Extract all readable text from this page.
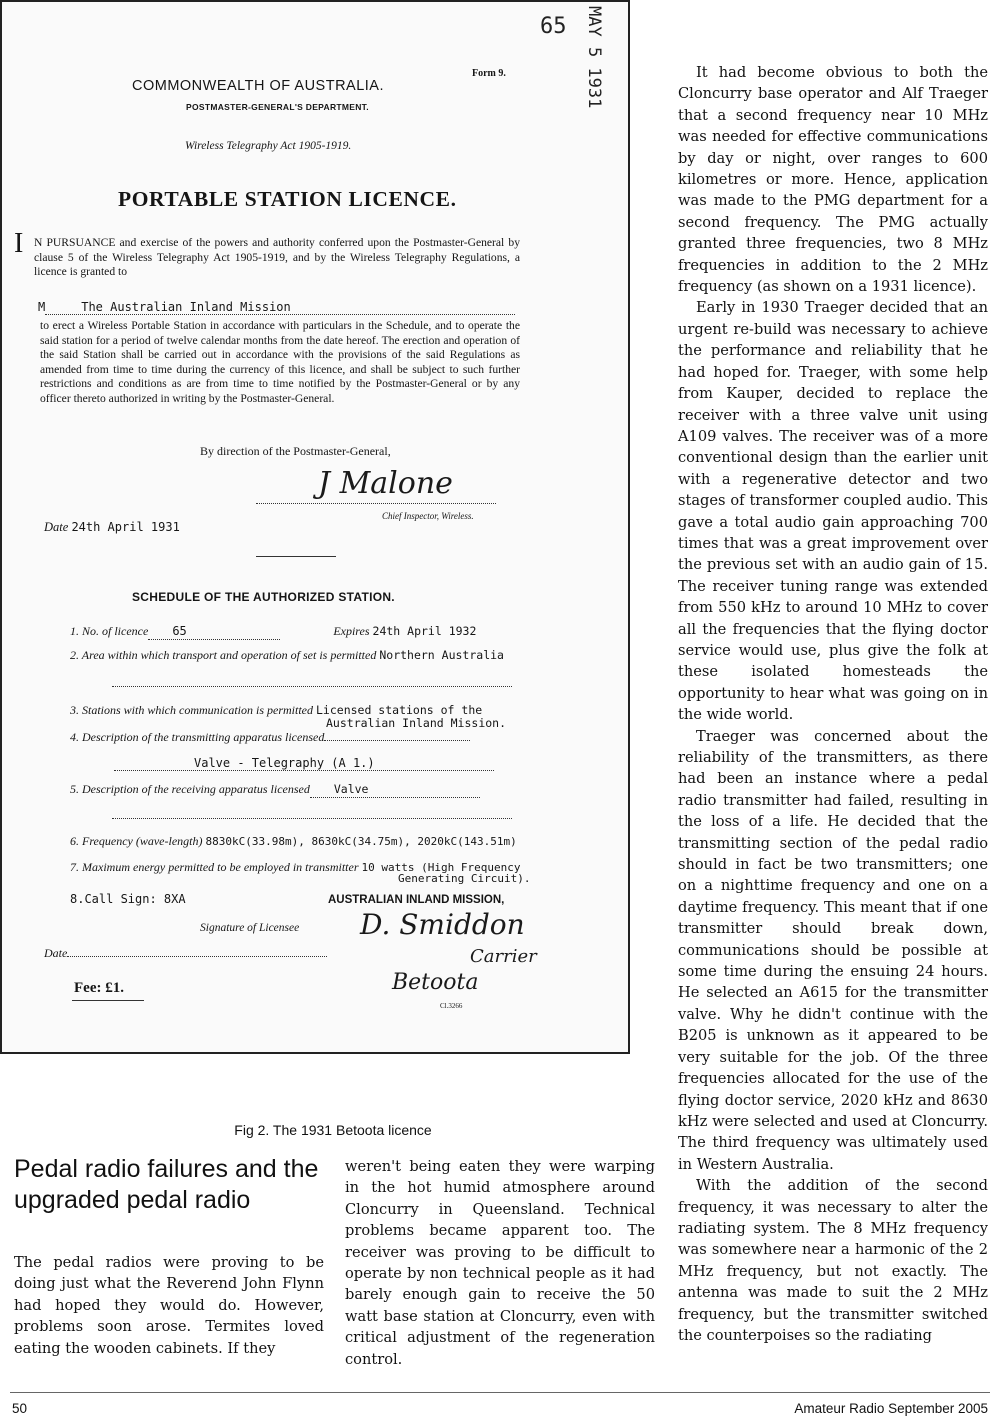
65 MAY 5 1931
Form 9.
COMMONWEALTH OF AUSTRALIA.
POSTMASTER-GENERAL'S DEPARTMENT.
Wireless Telegraphy Act 1905-1919.
PORTABLE STATION LICENCE.
I N PURSUANCE and exercise of the powers and authority conferred upon the Postmaster-General by clause 5 of the Wireless Telegraphy Act 1905-1919, and by the Wireless Telegraphy Regulations, a licence is granted to
M	The Australian Inland Mission
to erect a Wireless Portable Station in accordance with particulars in the Schedule, and to operate the said station for a period of twelve calendar months from the date hereof. The erection and operation of the said Station shall be carried out in accordance with the provisions of the said Regulations as amended from time to time during the currency of this licence, and shall be subject to such further restrictions and conditions as are from time to time notified by the Postmaster-General or by any officer thereto authorized in writing by the Postmaster-General.
By direction of the Postmaster-General,
J Malone
Chief Inspector, Wireless.
Date 24th April 1931
SCHEDULE OF THE AUTHORIZED STATION.
1. No. of licence 65	Expires 24th April 1932
2. Area within which transport and operation of set is permitted Northern Australia
3. Stations with which communication is permitted Licensed stations of the
Australian Inland Mission.
4. Description of the transmitting apparatus licensed
Valve - Telegraphy (A 1.)
5. Description of the receiving apparatus licensed Valve
6. Frequency (wave-length) 8830kC(33.98m), 8630kC(34.75m), 2020kC(143.51m)
7. Maximum energy permitted to be employed in transmitter 10 watts (High Frequency
Generating Circuit).
8.Call Sign: 8XA	AUSTRALIAN INLAND MISSION,
Signature of Licensee D. Smiddon
Carrier
Date
Fee: £1.	Betoota
Cl.3266
Fig 2. The 1931 Betoota licence
Pedal radio failures and the upgraded pedal radio

The pedal radios were proving to be doing just what the Reverend John Flynn had hoped they would do. However, problems soon arose. Termites loved eating the wooden cabinets. If they

weren't being eaten they were warping in the hot humid atmosphere around Cloncurry in Queensland. Technical problems became apparent too. The receiver was proving to be difficult to operate by non technical people as it had barely enough gain to receive the 50 watt base station at Cloncurry, even with critical adjustment of the regeneration control.

It had become obvious to both the Cloncurry base operator and Alf Traeger that a second frequency near 10 MHz was needed for effective communications by day or night, over ranges to 600 kilometres or more. Hence, application was made to the PMG department for a second frequency. The PMG actually granted three frequencies, two 8 MHz frequencies in addition to the 2 MHz frequency (as shown on a 1931 licence).

Early in 1930 Traeger decided that an urgent re-build was necessary to achieve the performance and reliability that he had hoped for. Traeger, with some help from Kauper, decided to replace the receiver with a three valve unit using A109 valves. The receiver was of a more conventional design than the earlier unit with a regenerative detector and two stages of transformer coupled audio. This gave a total audio gain approaching 700 times that was a great improvement over the previous set with an audio gain of 15. The receiver tuning range was extended from 550 kHz to around 10 MHz to cover all the frequencies that the flying doctor service would use, plus give the folk at these isolated homesteads the opportunity to hear what was going on in the wide world.

Traeger was concerned about the reliability of the transmitters, as there had been an instance where a pedal radio transmitter had failed, resulting in the loss of a life. He decided that the transmitting section of the pedal radio should in fact be two transmitters; one on a nighttime frequency and one on a daytime frequency. This meant that if one transmitter should break down, communications should be possible at some time during the ensuing 24 hours. He selected an A615 for the transmitter valve. Why he didn't continue with the B205 is unknown as it appeared to be very suitable for the job. Of the three frequencies allocated for the use of the flying doctor service, 2020 kHz and 8630 kHz were selected and used at Cloncurry. The third frequency was ultimately used in Western Australia.

With the addition of the second frequency, it was necessary to alter the radiating system. The 8 MHz frequency was somewhere near a harmonic of the 2 MHz frequency, but not exactly. The antenna was made to suit the 2 MHz frequency, but the transmitter switched the counterpoises so the radiating

50	Amateur Radio September 2005
